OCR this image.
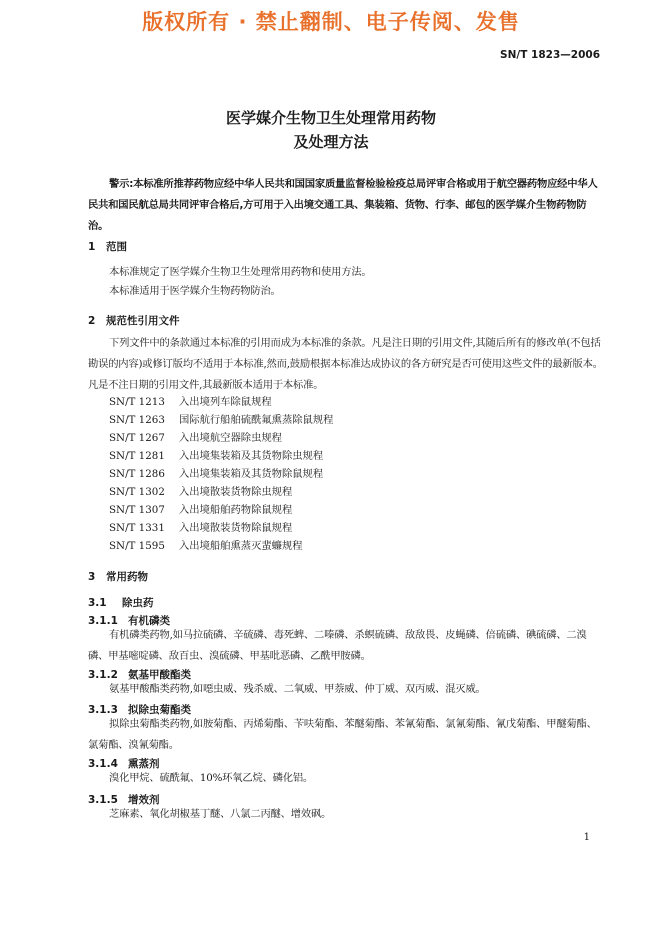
版权所有 · 禁止翻制、电子传阅、发售
SN/T 1823—2006
医学媒介生物卫生处理常用药物
及处理方法
警示:本标准所推荐药物应经中华人民共和国国家质量监督检验检疫总局评审合格或用于航空器药物应经中华人民共和国民航总局共同评审合格后,方可用于入出境交通工具、集装箱、货物、行李、邮包的医学媒介生物药物防治。
1 范围
本标准规定了医学媒介生物卫生处理常用药物和使用方法。
本标准适用于医学媒介生物药物防治。
2 规范性引用文件
下列文件中的条款通过本标准的引用而成为本标准的条款。凡是注日期的引用文件,其随后所有的修改单(不包括勘误的内容)或修订版均不适用于本标准,然而,鼓励根据本标准达成协议的各方研究是否可使用这些文件的最新版本。凡是不注日期的引用文件,其最新版本适用于本标准。
SN/T 1213 入出境列车除鼠规程
SN/T 1263 国际航行船舶硫酰氟熏蒸除鼠规程
SN/T 1267 入出境航空器除虫规程
SN/T 1281 入出境集装箱及其货物除虫规程
SN/T 1286 入出境集装箱及其货物除鼠规程
SN/T 1302 入出境散装货物除虫规程
SN/T 1307 入出境船舶药物除鼠规程
SN/T 1331 入出境散装货物除鼠规程
SN/T 1595 入出境船舶熏蒸灭蜚蠊规程
3 常用药物
3.1 除虫药
3.1.1 有机磷类
有机磷类药物,如马拉硫磷、辛硫磷、毒死蜱、二嗪磷、杀螟硫磷、敌敌畏、皮蝇磷、倍硫磷、碘硫磷、二溴磷、甲基嘧啶磷、敌百虫、溴硫磷、甲基吡恶磷、乙酰甲胺磷。
3.1.2 氨基甲酸酯类
氨基甲酸酯类药物,如噁虫威、残杀威、二氧威、甲萘威、仲丁威、双丙威、混灭威。
3.1.3 拟除虫菊酯类
拟除虫菊酯类药物,如胺菊酯、丙烯菊酯、苄呋菊酯、苯醚菊酯、苯氰菊酯、氯氰菊酯、氰戊菊酯、甲醚菊酯、氯菊酯、溴氰菊酯。
3.1.4 熏蒸剂
溴化甲烷、硫酰氟、10%环氧乙烷、磷化铝。
3.1.5 增效剂
芝麻素、氧化胡椒基丁醚、八氯二丙醚、增效砜。
1
